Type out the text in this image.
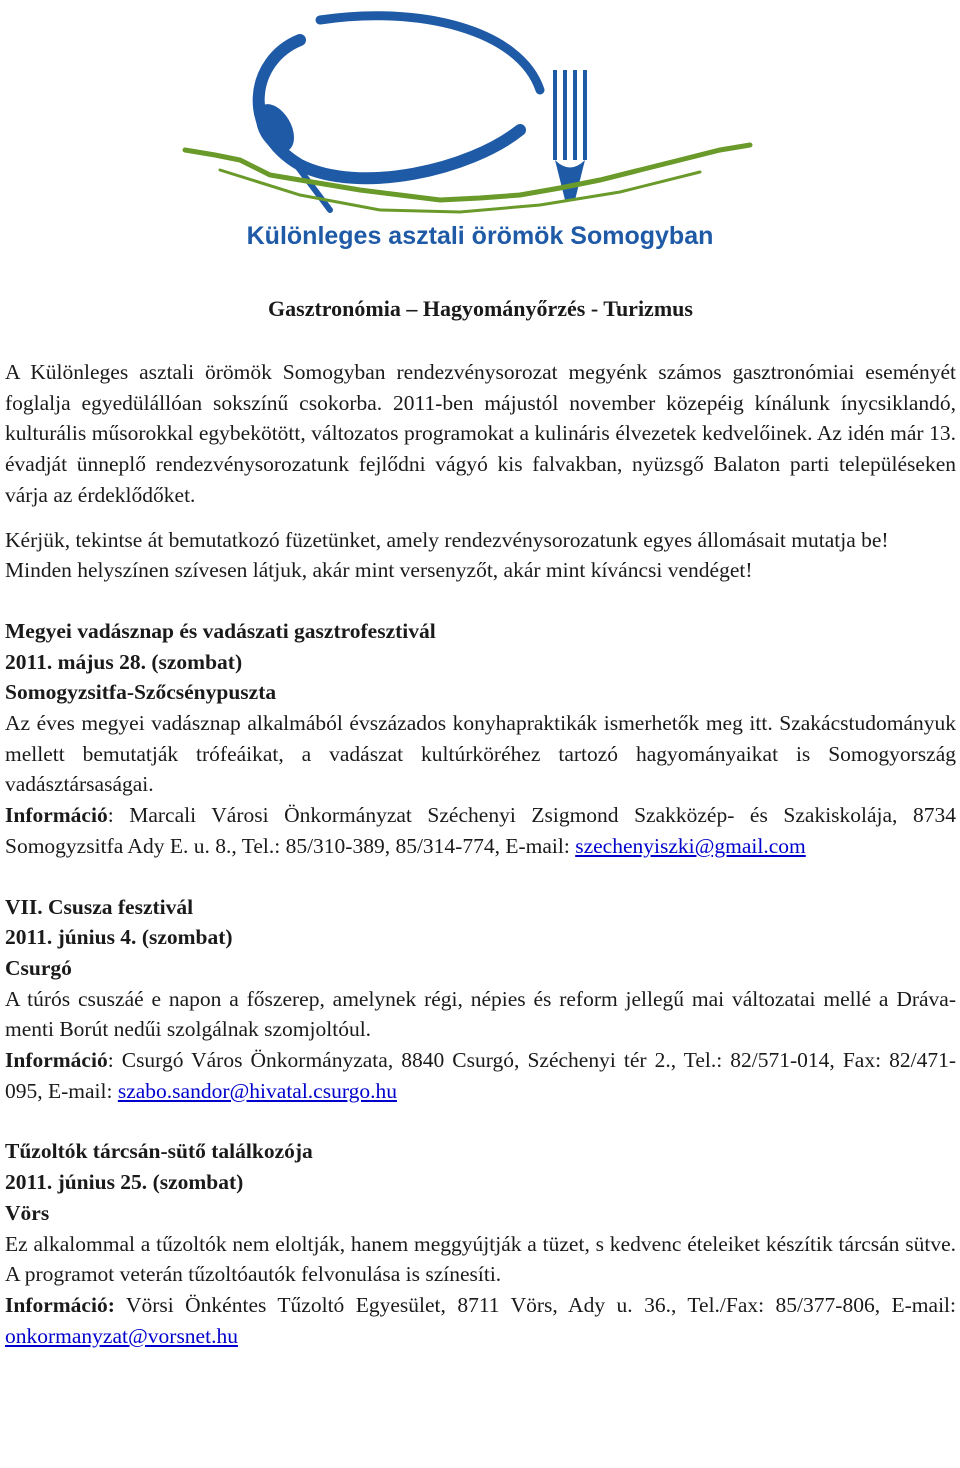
Különleges asztali örömök Somogyban
Gasztronómia – Hagyományőrzés - Turizmus

A Különleges asztali örömök Somogyban rendezvénysorozat megyénk számos gasztronómiai eseményét foglalja egyedülállóan sokszínű csokorba. 2011-ben májustól november közepéig kínálunk ínycsiklandó, kulturális műsorokkal egybekötött, változatos programokat a kulináris élvezetek kedvelőinek. Az idén már 13. évadját ünneplő rendezvénysorozatunk fejlődni vágyó kis falvakban, nyüzsgő Balaton parti településeken várja az érdeklődőket.

Kérjük, tekintse át bemutatkozó füzetünket, amely rendezvénysorozatunk egyes állomásait mutatja be!

Minden helyszínen szívesen látjuk, akár mint versenyzőt, akár mint kíváncsi vendéget!

Megyei vadásznap és vadászati gasztrofesztivál

2011. május 28. (szombat)

Somogyzsitfa-Szőcsénypuszta

Az éves megyei vadásznap alkalmából évszázados konyhapraktikák ismerhetők meg itt. Szakácstudományuk mellett bemutatják trófeáikat, a vadászat kultúrköréhez tartozó hagyományaikat is Somogyország vadásztársaságai.

Információ: Marcali Városi Önkormányzat Széchenyi Zsigmond Szakközép- és Szakiskolája, 8734 Somogyzsitfa Ady E. u. 8., Tel.: 85/310-389, 85/314-774, E-mail: szechenyiszki@gmail.com

VII. Csusza fesztivál

2011. június 4. (szombat)

Csurgó

A túrós csuszáé e napon a főszerep, amelynek régi, népies és reform jellegű mai változatai mellé a Dráva-menti Borút nedűi szolgálnak szomjoltóul.

Információ: Csurgó Város Önkormányzata, 8840 Csurgó, Széchenyi tér 2., Tel.: 82/571-014, Fax: 82/471-095, E-mail: szabo.sandor@hivatal.csurgo.hu

Tűzoltók tárcsán-sütő találkozója

2011. június 25. (szombat)

Vörs

Ez alkalommal a tűzoltók nem eloltják, hanem meggyújtják a tüzet, s kedvenc ételeiket készítik tárcsán sütve. A programot veterán tűzoltóautók felvonulása is színesíti.

Információ: Vörsi Önkéntes Tűzoltó Egyesület, 8711 Vörs, Ady u. 36., Tel./Fax: 85/377-806, E-mail: onkormanyzat@vorsnet.hu
